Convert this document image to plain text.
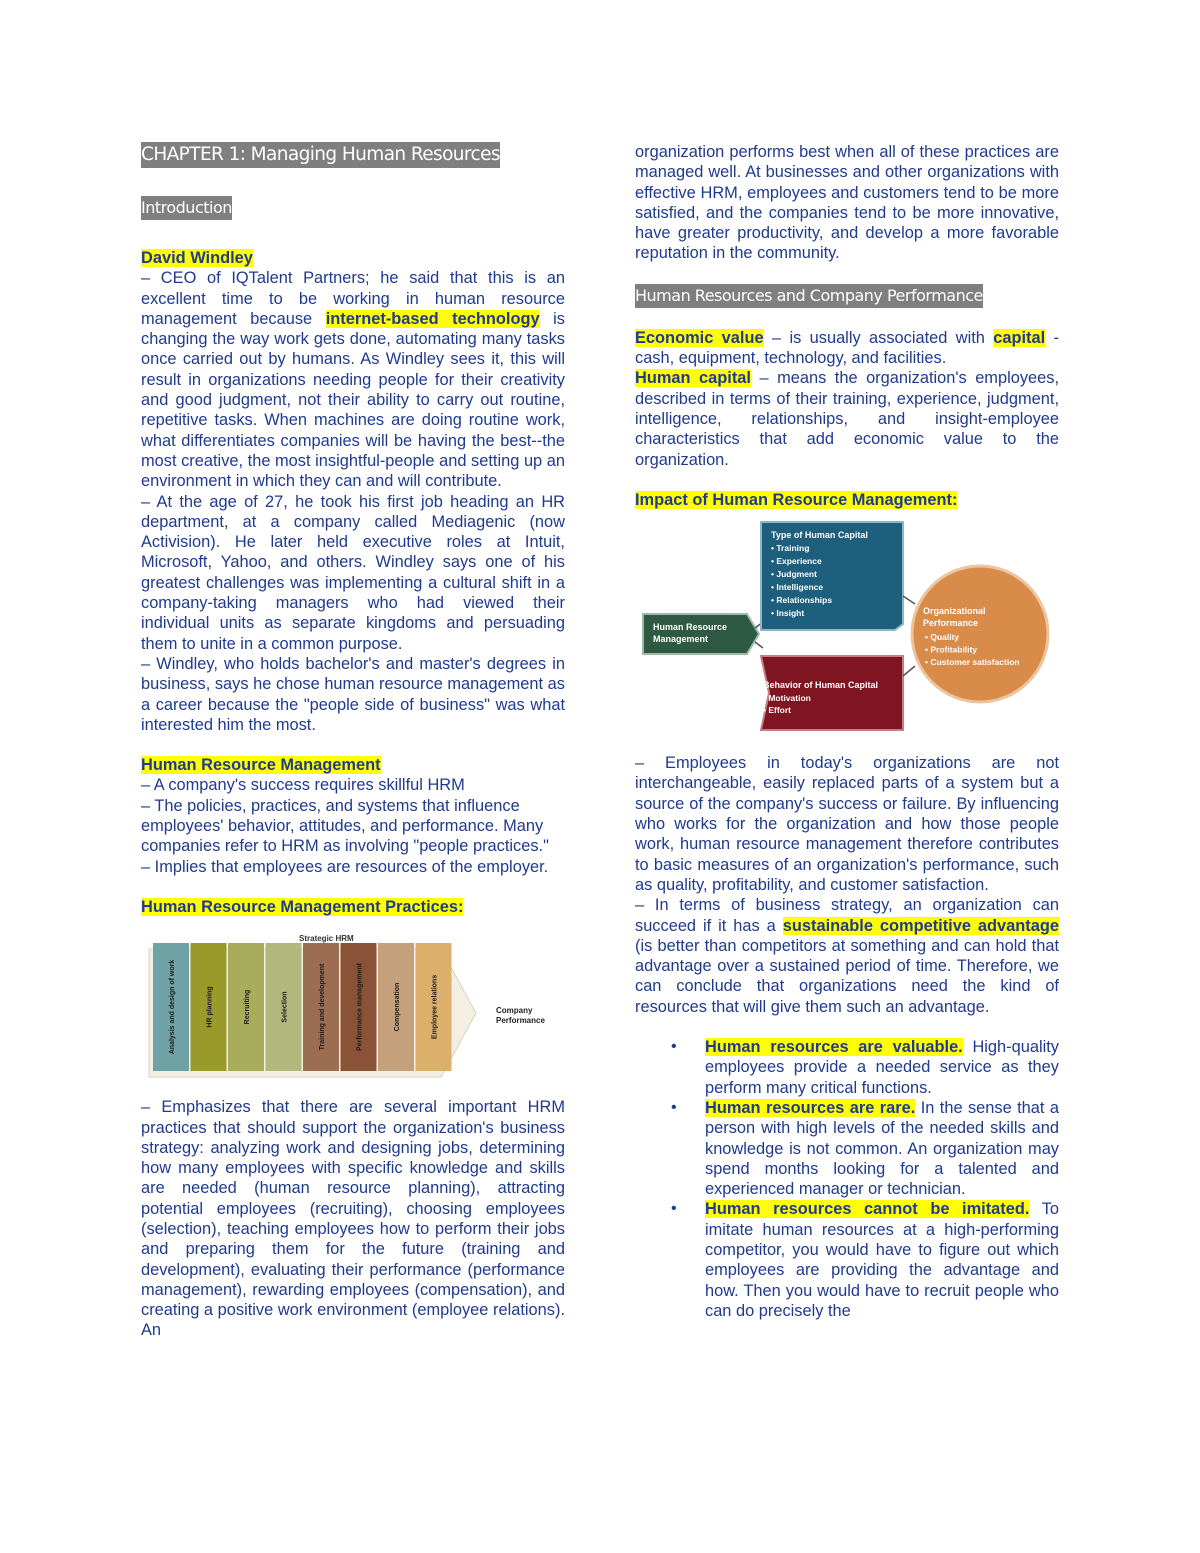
CHAPTER 1: Managing Human Resources
Introduction

David Windley
– CEO of IQTalent Partners; he said that this is an excellent time to be working in human resource management because internet-based technology is changing the way work gets done, automating many tasks once carried out by humans. As Windley sees it, this will result in organizations needing people for their creativity and good judgment, not their ability to carry out routine, repetitive tasks. When machines are doing routine work, what differentiates companies will be having the best--the most creative, the most insightful-people and setting up an environment in which they can and will contribute.

– At the age of 27, he took his first job heading an HR department, at a company called Mediagenic (now Activision). He later held executive roles at Intuit, Microsoft, Yahoo, and others. Windley says one of his greatest challenges was implementing a cultural shift in a company-taking managers who had viewed their individual units as separate kingdoms and persuading them to unite in a common purpose.

– Windley, who holds bachelor's and master's degrees in business, says he chose human resource management as a career because the "people side of business" was what interested him the most.

Human Resource Management
– A company's success requires skillful HRM
– The policies, practices, and systems that influence employees' behavior, attitudes, and performance. Many companies refer to HRM as involving "people practices."
– Implies that employees are resources of the employer.

Human Resource Management Practices:

Strategic HRM
Analysis and design of work	HR planning	Recruiting	Selection	Training and development	Performance management	Compensation	Employee relations	Company
Performance

– Emphasizes that there are several important HRM practices that should support the organization's business strategy: analyzing work and designing jobs, determining how many employees with specific knowledge and skills are needed (human resource planning), attracting potential employees (recruiting), choosing employees (selection), teaching employees how to perform their jobs and preparing them for the future (training and development), evaluating their performance (performance management), rewarding employees (compensation), and creating a positive work environment (employee relations). An

organization performs best when all of these practices are managed well. At businesses and other organizations with effective HRM, employees and customers tend to be more satisfied, and the companies tend to be more innovative, have greater productivity, and develop a more favorable reputation in the community.

Human Resources and Company Performance

Economic value – is usually associated with capital - cash, equipment, technology, and facilities.
Human capital – means the organization's employees, described in terms of their training, experience, judgment, intelligence, relationships, and insight-employee characteristics that add economic value to the organization.

Impact of Human Resource Management:

Human Resource
Management
Type of Human Capital
• Training
• Experience
• Judgment
• Intelligence
• Relationships
• Insight
Behavior of Human Capital
• Motivation
• Effort
Organizational
Performance
• Quality
• Profitability
• Customer satisfaction

– Employees in today's organizations are not interchangeable, easily replaced parts of a system but a source of the company's success or failure. By influencing who works for the organization and how those people work, human resource management therefore contributes to basic measures of an organization's performance, such as quality, profitability, and customer satisfaction.

– In terms of business strategy, an organization can succeed if it has a sustainable competitive advantage (is better than competitors at something and can hold that advantage over a sustained period of time. Therefore, we can conclude that organizations need the kind of resources that will give them such an advantage.

• Human resources are valuable. High-quality employees provide a needed service as they perform many critical functions.
• Human resources are rare. In the sense that a person with high levels of the needed skills and knowledge is not common. An organization may spend months looking for a talented and experienced manager or technician.
• Human resources cannot be imitated. To imitate human resources at a high-performing competitor, you would have to figure out which employees are providing the advantage and how. Then you would have to recruit people who can do precisely the
